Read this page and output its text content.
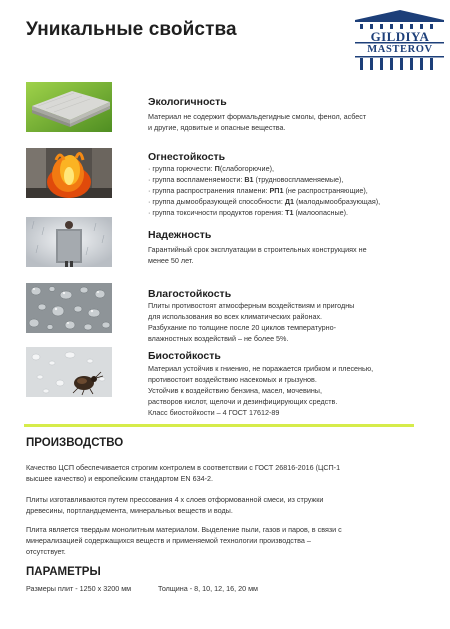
Уникальные свойства	GILDIYA
MASTEROV
Экологичность

Материал не содержит формальдегидные смолы, фенол, асбест

и другие, ядовитые и опасные вещества.

Огнестойкость
· группа горючести: П(слабогорючие),
· группа воспламеняемости: В1 (трудновоспламеняемые),
· группа распространения пламени: РП1 (не распространяющие),
· группа дымообразующей способности: Д1 (малодымообразующая),
· группа токсичности продуктов горения: Т1 (малоопасные).
Надежность

Гарантийный срок эксплуатации в строительных конструкциях не

менее 50 лет.

Влагостойкость

Плиты противостоят атмосферным воздействиям и пригодны

для использования во всех климатических районах.

Разбухание по толщине после 20 циклов температурно-

влажностных воздействий – не более 5%.

Биостойкость

Материал устойчив к гниению, не поражается грибком и плесенью,

противостоит воздействию насекомых и грызунов.

Устойчив к воздействию бензина, масел, мочевины,

растворов кислот, щелочи и дезинфицирующих средств.

Класс биостойкости – 4 ГОСТ 17612-89

ПРОИЗВОДСТВО
Качество ЦСП обеспечивается строгим контролем в соответствии с ГОСТ 26816-2016 (ЦСП-1
высшее качество) и европейским стандартом EN 634-2.
Плиты изготавливаются путем прессования 4 х слоев отформованной смеси, из стружки
древесины, портландцемента, минеральных веществ и воды.
Плита является твердым монолитным материалом. Выделение пыли, газов и паров, в связи с
минерализацией содержащихся веществ и применяемой технологии производства –
отсутствует.
ПАРАМЕТРЫ
Размеры плит - 1250 х 3200 мм	Толщина - 8, 10, 12, 16, 20 мм
